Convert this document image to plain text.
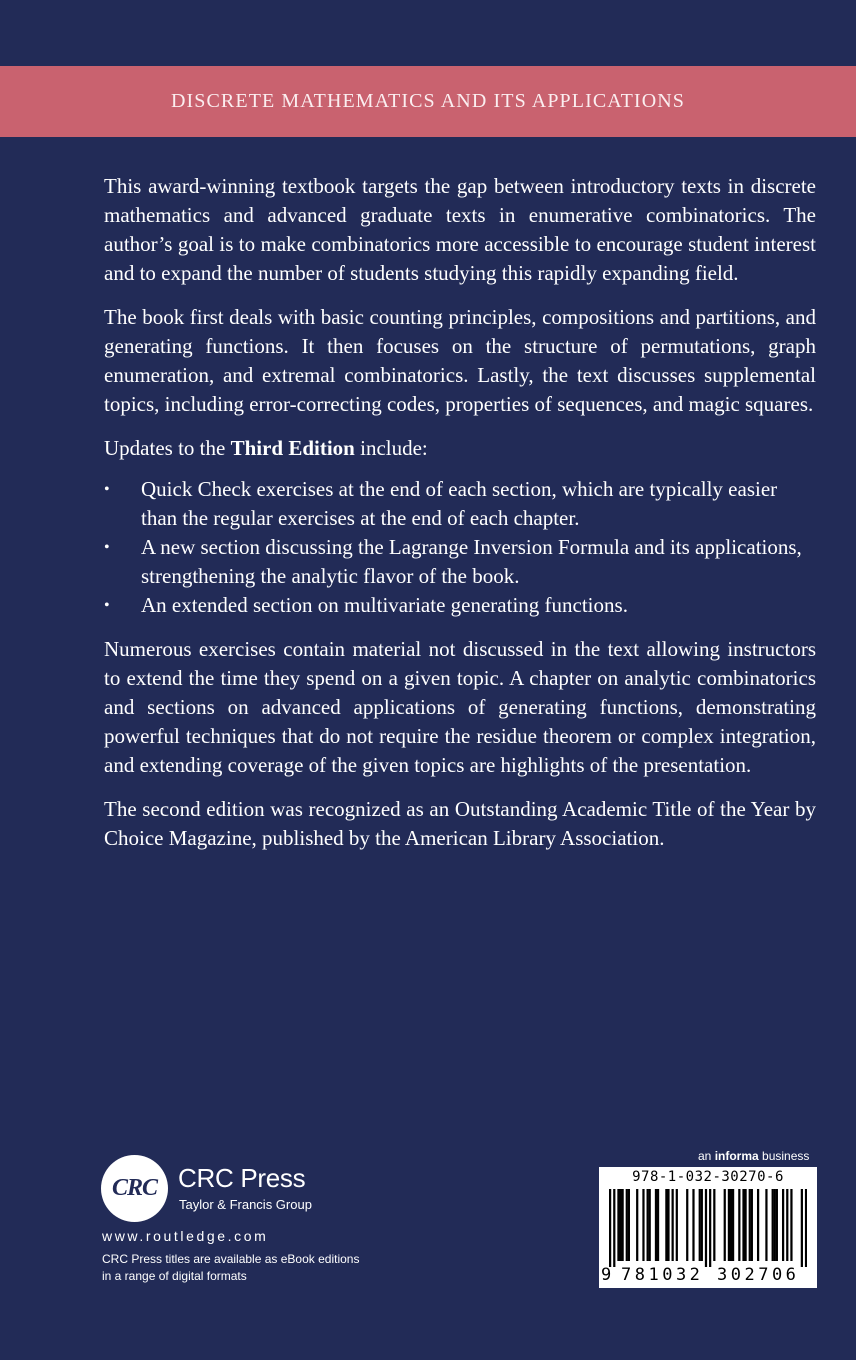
DISCRETE MATHEMATICS AND ITS APPLICATIONS

This award-winning textbook targets the gap between introductory texts in discrete mathematics and advanced graduate texts in enumerative combinatorics. The author’s goal is to make combinatorics more accessible to encourage student interest and to expand the number of students studying this rapidly expanding field.

The book first deals with basic counting principles, compositions and partitions, and generating functions. It then focuses on the structure of permutations, graph enumeration, and extremal combinatorics. Lastly, the text discusses supplemental topics, including error-correcting codes, properties of sequences, and magic squares.

Updates to the Third Edition include:

• Quick Check exercises at the end of each section, which are typically easier than the regular exercises at the end of each chapter.
• A new section discussing the Lagrange Inversion Formula and its applications, strengthening the analytic flavor of the book.
• An extended section on multivariate generating functions.

Numerous exercises contain material not discussed in the text allowing instructors to extend the time they spend on a given topic. A chapter on analytic combinatorics and sections on advanced applications of generating functions, demonstrating powerful techniques that do not require the residue theorem or complex integration, and extending coverage of the given topics are highlights of the presentation.

The second edition was recognized as an Outstanding Academic Title of the Year by Choice Magazine, published by the American Library Association.

CRC CRC Press
Taylor & Francis Group
www.routledge.com
CRC Press titles are available as eBook editions
in a range of digital formats
an informa business
978-1-032-30270-6
9 781032 302706
